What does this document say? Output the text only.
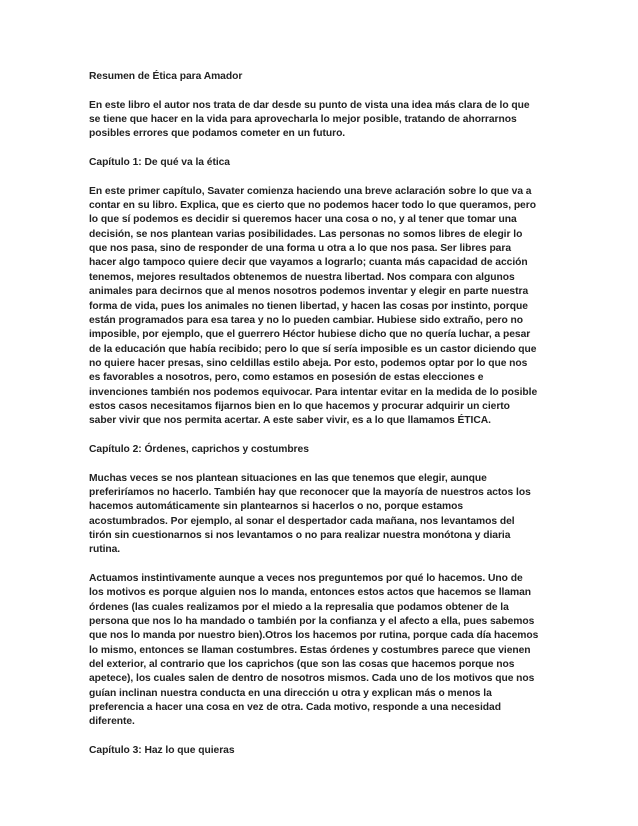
Resumen de Ética para Amador

En este libro el autor nos trata de dar desde su punto de vista una idea más clara de lo que
se tiene que hacer en la vida para aprovecharla lo mejor posible, tratando de ahorrarnos
posibles errores que podamos cometer en un futuro.

Capítulo 1: De qué va la ética

En este primer capítulo, Savater comienza haciendo una breve aclaración sobre lo que va a
contar en su libro. Explica, que es cierto que no podemos hacer todo lo que queramos, pero
lo que sí podemos es decidir si queremos hacer una cosa o no, y al tener que tomar una
decisión, se nos plantean varias posibilidades. Las personas no somos libres de elegir lo
que nos pasa, sino de responder de una forma u otra a lo que nos pasa. Ser libres para
hacer algo tampoco quiere decir que vayamos a lograrlo; cuanta más capacidad de acción
tenemos, mejores resultados obtenemos de nuestra libertad. Nos compara con algunos
animales para decirnos que al menos nosotros podemos inventar y elegir en parte nuestra
forma de vida, pues los animales no tienen libertad, y hacen las cosas por instinto, porque
están programados para esa tarea y no lo pueden cambiar. Hubiese sido extraño, pero no
imposible, por ejemplo, que el guerrero Héctor hubiese dicho que no quería luchar, a pesar
de la educación que había recibido; pero lo que sí sería imposible es un castor diciendo que
no quiere hacer presas, sino celdillas estilo abeja. Por esto, podemos optar por lo que nos
es favorables a nosotros, pero, como estamos en posesión de estas elecciones e
invenciones también nos podemos equivocar. Para intentar evitar en la medida de lo posible
estos casos necesitamos fijarnos bien en lo que hacemos y procurar adquirir un cierto
saber vivir que nos permita acertar. A este saber vivir, es a lo que llamamos ÉTICA.

Capítulo 2: Órdenes, caprichos y costumbres

Muchas veces se nos plantean situaciones en las que tenemos que elegir, aunque
preferiríamos no hacerlo. También hay que reconocer que la mayoría de nuestros actos los
hacemos automáticamente sin plantearnos si hacerlos o no, porque estamos
acostumbrados. Por ejemplo, al sonar el despertador cada mañana, nos levantamos del
tirón sin cuestionarnos si nos levantamos o no para realizar nuestra monótona y diaria
rutina.

Actuamos instintivamente aunque a veces nos preguntemos por qué lo hacemos. Uno de
los motivos es porque alguien nos lo manda, entonces estos actos que hacemos se llaman
órdenes (las cuales realizamos por el miedo a la represalia que podamos obtener de la
persona que nos lo ha mandado o también por la confianza y el afecto a ella, pues sabemos
que nos lo manda por nuestro bien).Otros los hacemos por rutina, porque cada día hacemos
lo mismo, entonces se llaman costumbres. Estas órdenes y costumbres parece que vienen
del exterior, al contrario que los caprichos (que son las cosas que hacemos porque nos
apetece), los cuales salen de dentro de nosotros mismos. Cada uno de los motivos que nos
guían inclinan nuestra conducta en una dirección u otra y explican más o menos la
preferencia a hacer una cosa en vez de otra. Cada motivo, responde a una necesidad
diferente.

Capítulo 3: Haz lo que quieras
